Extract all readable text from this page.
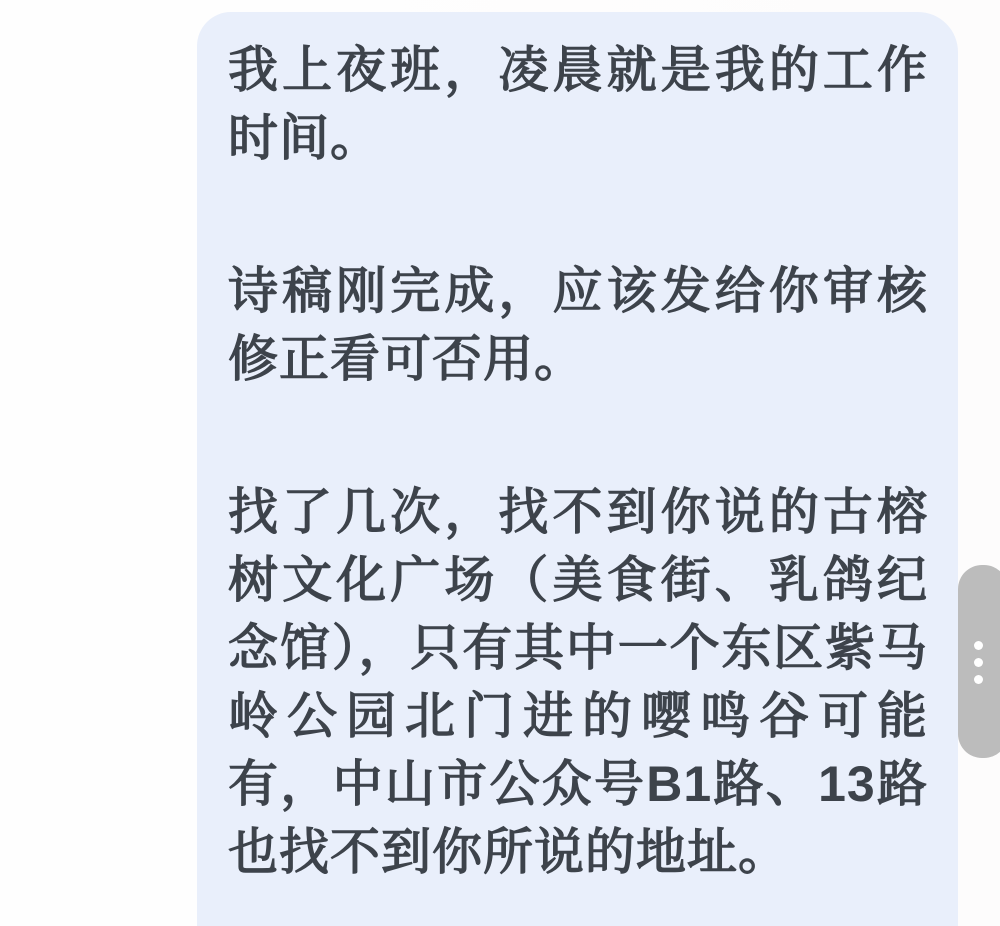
我上夜班，凌晨就是我的工作时间。

诗稿刚完成，应该发给你审核修正看可否用。

找了几次，找不到你说的古榕树文化广场（美食街、乳鸽纪念馆），只有其中一个东区紫马岭公园北门进的嘤鸣谷可能有，中山市公众号B1路、13路也找不到你所说的地址。
